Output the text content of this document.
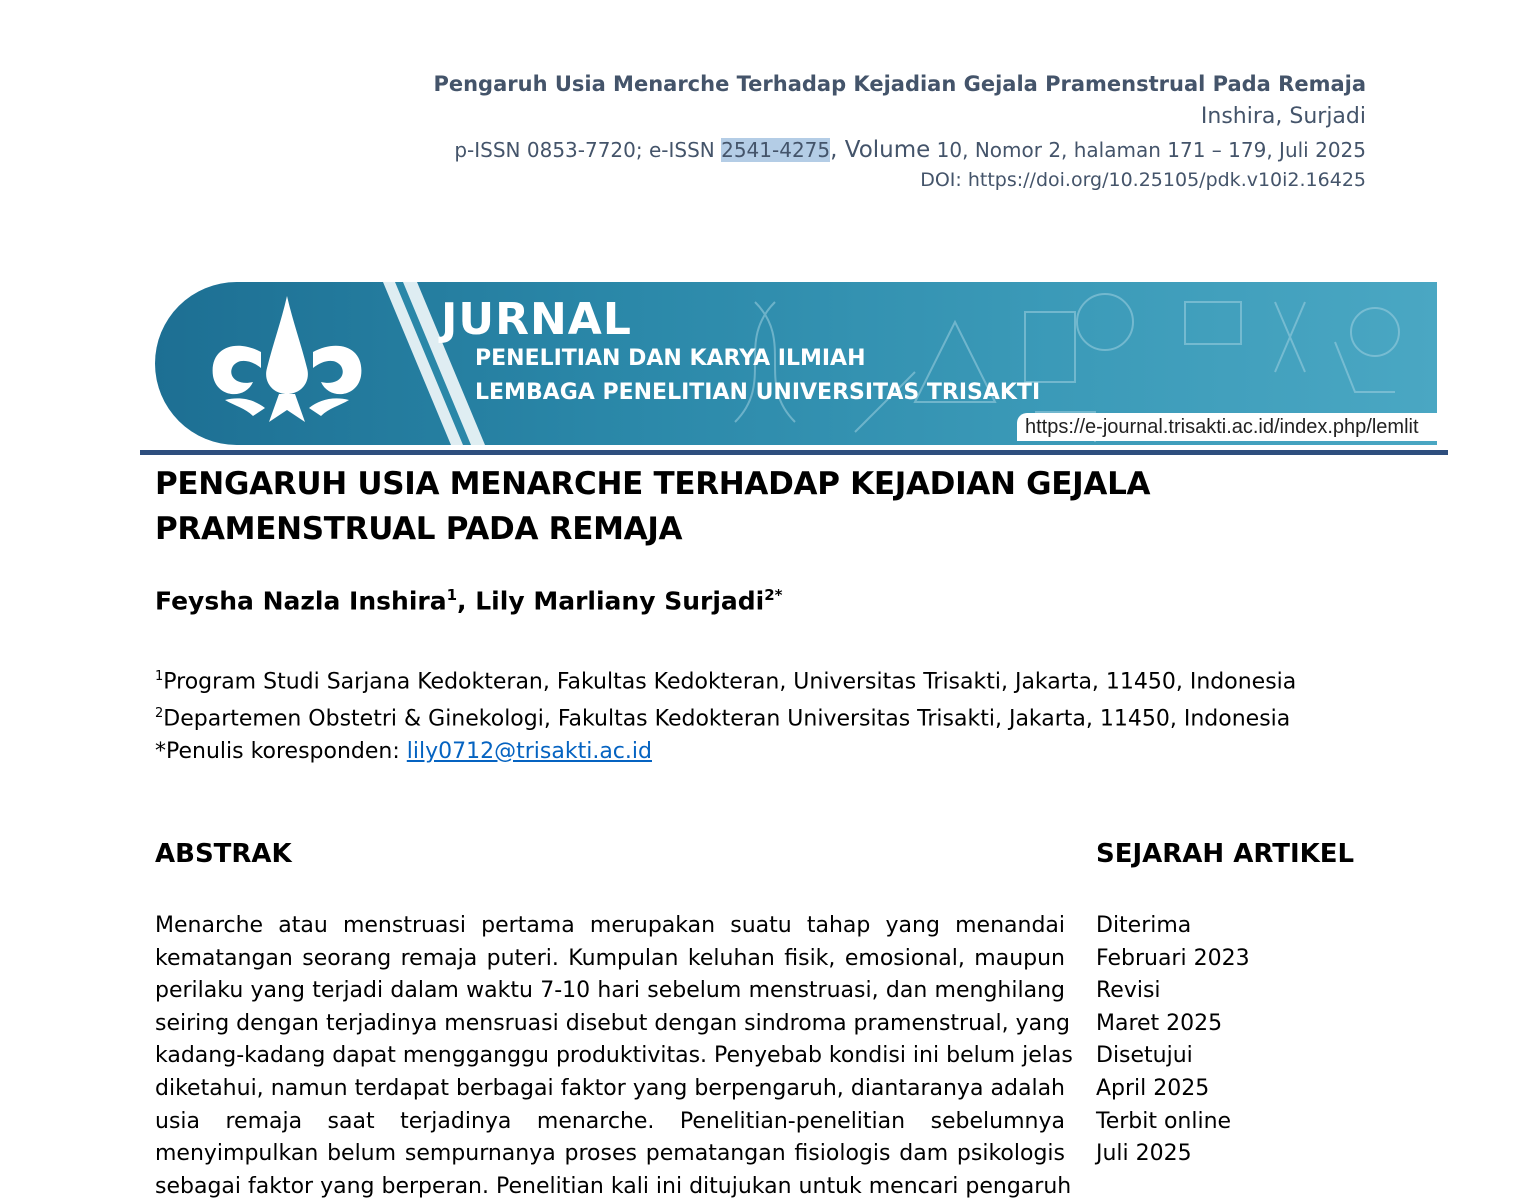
Pengaruh Usia Menarche Terhadap Kejadian Gejala Pramenstrual Pada Remaja
Inshira, Surjadi
p-ISSN 0853-7720; e-ISSN 2541-4275, Volume 10, Nomor 2, halaman 171 – 179, Juli 2025
DOI: https://doi.org/10.25105/pdk.v10i2.16425
JURNAL
PENELITIAN DAN KARYA ILMIAH
LEMBAGA PENELITIAN UNIVERSITAS TRISAKTI
https://e-journal.trisakti.ac.id/index.php/lemlit
PENGARUH USIA MENARCHE TERHADAP KEJADIAN GEJALA PRAMENSTRUAL PADA REMAJA
Feysha Nazla Inshira$^1$, Lily Marliany Surjadi$^{2*}$
$^1$Program Studi Sarjana Kedokteran, Fakultas Kedokteran, Universitas Trisakti, Jakarta, 11450, Indonesia
$^2$Departemen Obstetri & Ginekologi, Fakultas Kedokteran Universitas Trisakti, Jakarta, 11450, Indonesia
*Penulis koresponden: lily0712@trisakti.ac.id
ABSTRAK	SEJARAH ARTIKEL
Menarche atau menstruasi pertama merupakan suatu tahap yang menandai
kematangan seorang remaja puteri. Kumpulan keluhan fisik, emosional, maupun
perilaku yang terjadi dalam waktu 7-10 hari sebelum menstruasi, dan menghilang
seiring dengan terjadinya mensruasi disebut dengan sindroma pramenstrual, yang
kadang-kadang dapat mengganggu produktivitas. Penyebab kondisi ini belum jelas
diketahui, namun terdapat berbagai faktor yang berpengaruh, diantaranya adalah
usia remaja saat terjadinya menarche. Penelitian-penelitian sebelumnya
menyimpulkan belum sempurnanya proses pematangan fisiologis dam psikologis
sebagai faktor yang berperan. Penelitian kali ini ditujukan untuk mencari pengaruh
Diterima
Februari 2023
Revisi
Maret 2025
Disetujui
April 2025
Terbit online
Juli 2025
